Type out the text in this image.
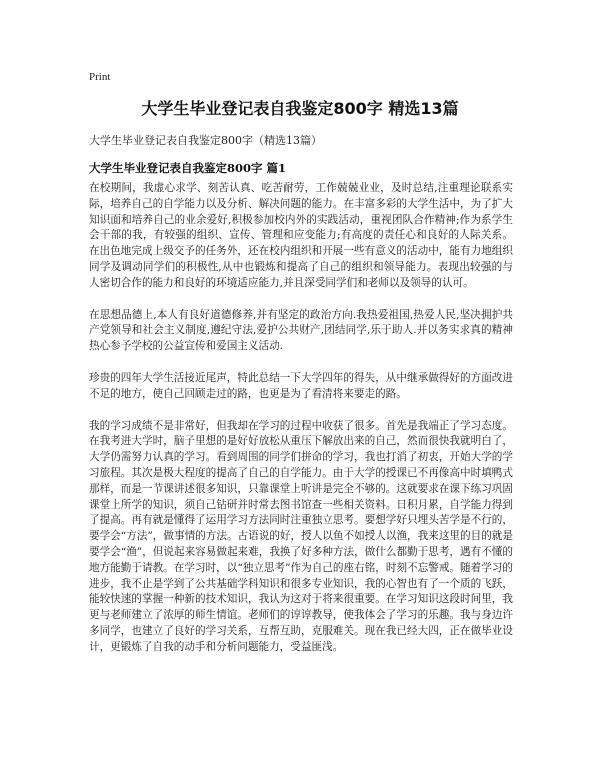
Print
大学生毕业登记表自我鉴定800字 精选13篇
大学生毕业登记表自我鉴定800字（精选13篇）
大学生毕业登记表自我鉴定800字 篇1

在校期间，我虚心求学、刻苦认真、吃苦耐劳，工作兢兢业业，及时总结,注重理论联系实际，培养自己的自学能力以及分析、解决问题的能力。在丰富多彩的大学生活中，为了扩大知识面和培养自己的业余爱好,积极参加校内外的实践活动，重视团队合作精神;作为系学生会干部的我，有较强的组织、宣传、管理和应变能力;有高度的责任心和良好的人际关系。在出色地完成上级交予的任务外，还在校内组织和开展一些有意义的活动中，能有力地组织同学及调动同学们的积极性,从中也锻炼和提高了自己的组织和领导能力。表现出较强的与人密切合作的能力和良好的环境适应能力,并且深受同学们和老师以及领导的认可。

在思想品德上,本人有良好道德修养,并有坚定的政治方向.我热爱祖国,热爱人民,坚决拥护共产党领导和社会主义制度,遵纪守法,爱护公共财产,团结同学,乐于助人.并以务实求真的精神热心参予学校的公益宣传和爱国主义活动.

珍贵的四年大学生活接近尾声，特此总结一下大学四年的得失，从中继承做得好的方面改进不足的地方，使自己回顾走过的路，也更是为了看清将来要走的路。

我的学习成绩不是非常好，但我却在学习的过程中收获了很多。首先是我端正了学习态度。在我考进大学时，脑子里想的是好好放松从重压下解放出来的自己，然而很快我就明白了，大学仍需努力认真的学习。看到周围的同学们拼命的学习，我也打消了初衷，开始大学的学习旅程。其次是极大程度的提高了自己的自学能力。由于大学的授课已不再像高中时填鸭式那样，而是一节课讲述很多知识，只靠课堂上听讲是完全不够的。这就要求在课下练习巩固课堂上所学的知识，须自己钻研并时常去图书馆查一些相关资料。日积月累，自学能力得到了提高。再有就是懂得了运用学习方法同时注重独立思考。要想学好只埋头苦学是不行的，要学会“方法”，做事情的方法。古语说的好，授人以鱼不如授人以渔，我来这里的目的就是要学会“渔”，但说起来容易做起来难，我换了好多种方法，做什么都勤于思考，遇有不懂的地方能勤于请教。在学习时，以“独立思考”作为自己的座右铭，时刻不忘警戒。随着学习的进步，我不止是学到了公共基础学科知识和很多专业知识，我的心智也有了一个质的飞跃，能较快速的掌握一种新的技术知识，我认为这对于将来很重要。在学习知识这段时间里，我更与老师建立了浓厚的师生情谊。老师们的谆谆教导，使我体会了学习的乐趣。我与身边许多同学，也建立了良好的学习关系，互帮互助，克服难关。现在我已经大四，正在做毕业设计，更锻炼了自我的动手和分析问题能力，受益匪浅。
